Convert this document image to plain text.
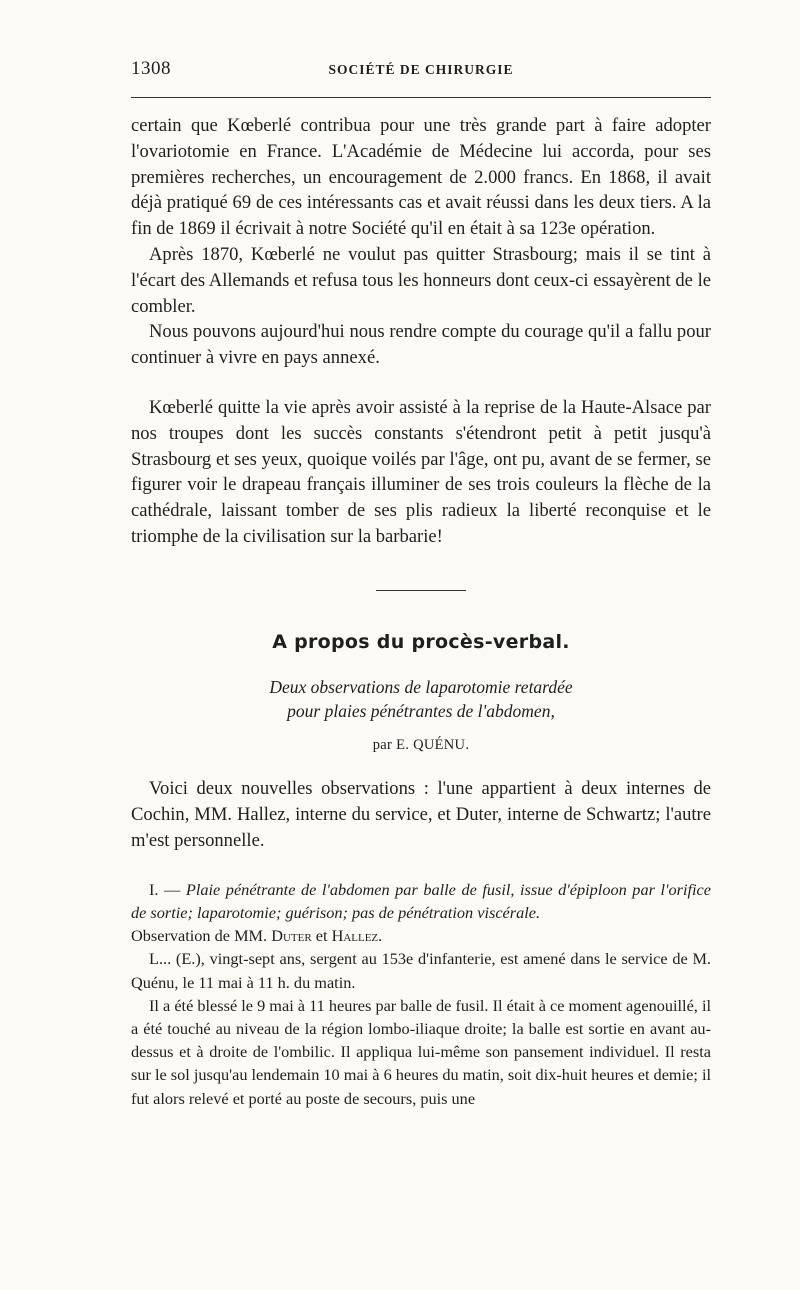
1308	SOCIÉTÉ DE CHIRURGIE

certain que Kœberlé contribua pour une très grande part à faire adopter l'ovariotomie en France. L'Académie de Médecine lui accorda, pour ses premières recherches, un encouragement de 2.000 francs. En 1868, il avait déjà pratiqué 69 de ces intéressants cas et avait réussi dans les deux tiers. A la fin de 1869 il écrivait à notre Société qu'il en était à sa 123e opération.

Après 1870, Kœberlé ne voulut pas quitter Strasbourg; mais il se tint à l'écart des Allemands et refusa tous les honneurs dont ceux-ci essayèrent de le combler.

Nous pouvons aujourd'hui nous rendre compte du courage qu'il a fallu pour continuer à vivre en pays annexé.

Kœberlé quitte la vie après avoir assisté à la reprise de la Haute-Alsace par nos troupes dont les succès constants s'étendront petit à petit jusqu'à Strasbourg et ses yeux, quoique voilés par l'âge, ont pu, avant de se fermer, se figurer voir le drapeau français illuminer de ses trois couleurs la flèche de la cathédrale, laissant tomber de ses plis radieux la liberté reconquise et le triomphe de la civilisation sur la barbarie!

A propos du procès-verbal.
Deux observations de laparotomie retardée
pour plaies pénétrantes de l'abdomen,
par E. QUÉNU.

Voici deux nouvelles observations : l'une appartient à deux internes de Cochin, MM. Hallez, interne du service, et Duter, interne de Schwartz; l'autre m'est personnelle.

I. — Plaie pénétrante de l'abdomen par balle de fusil, issue d'épiploon par l'orifice de sortie; laparotomie; guérison; pas de pénétration viscérale.

Observation de MM. Duter et Hallez.

L... (E.), vingt-sept ans, sergent au 153e d'infanterie, est amené dans le service de M. Quénu, le 11 mai à 11 h. du matin.

Il a été blessé le 9 mai à 11 heures par balle de fusil. Il était à ce moment agenouillé, il a été touché au niveau de la région lombo-iliaque droite; la balle est sortie en avant au-dessus et à droite de l'ombilic. Il appliqua lui-même son pansement individuel. Il resta sur le sol jusqu'au lendemain 10 mai à 6 heures du matin, soit dix-huit heures et demie; il fut alors relevé et porté au poste de secours, puis une
